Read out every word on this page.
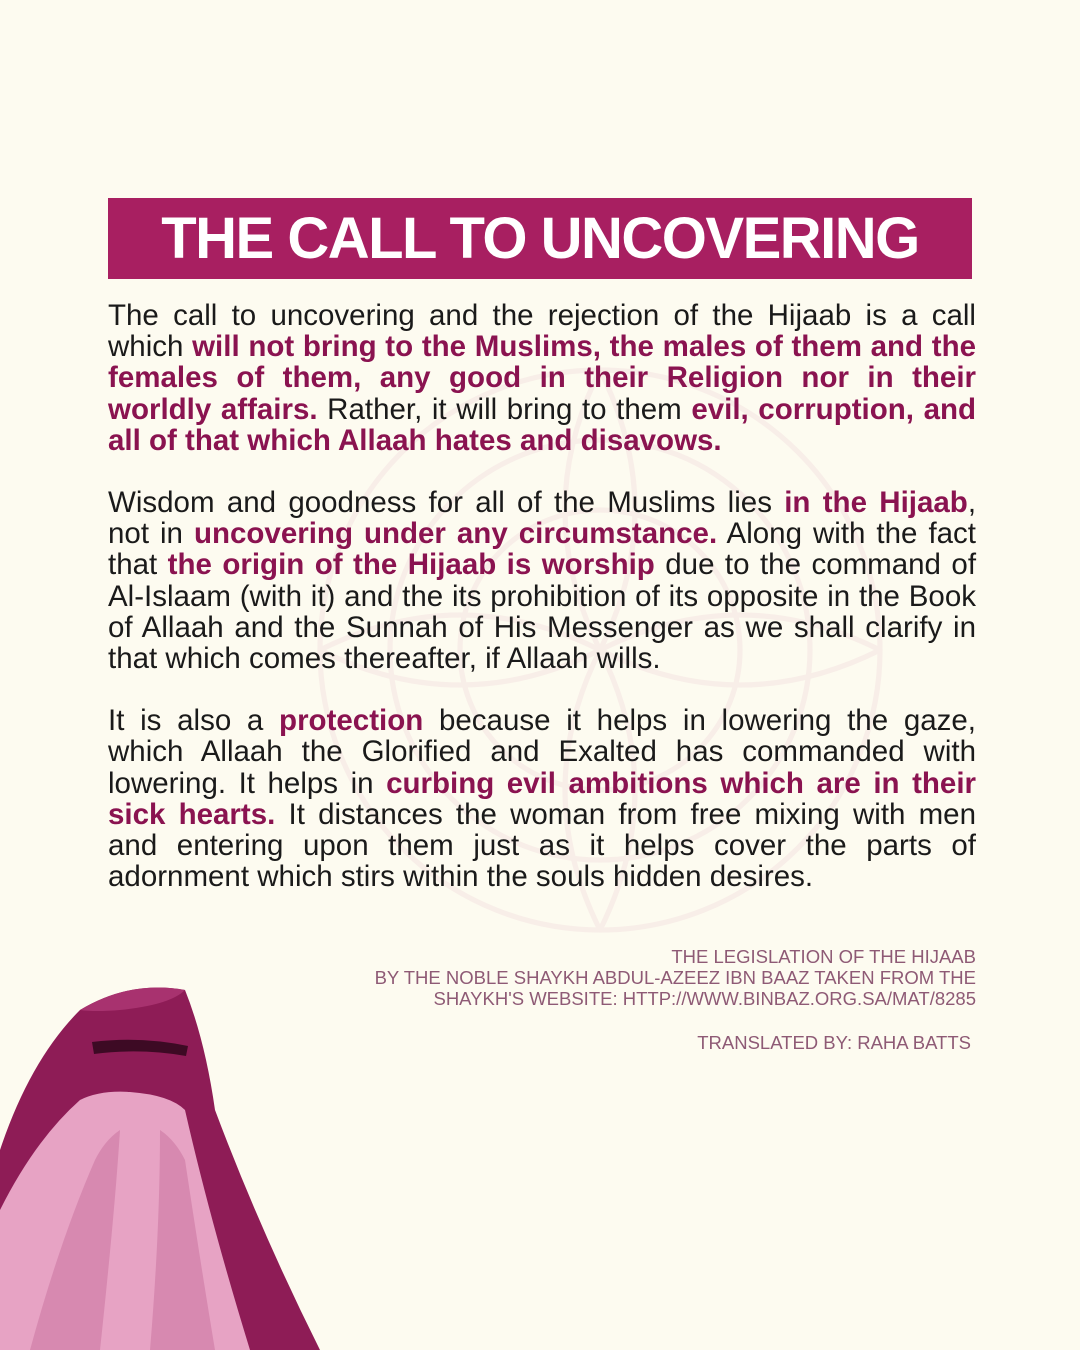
THE CALL TO UNCOVERING

The call to uncovering and the rejection of the Hijaab is a call which will not bring to the Muslims, the males of them and the females of them, any good in their Religion nor in their worldly affairs. Rather, it will bring to them evil, corruption, and all of that which Allaah hates and disavows.

Wisdom and goodness for all of the Muslims lies in the Hijaab, not in uncovering under any circumstance. Along with the fact that the origin of the Hijaab is worship due to the command of Al-Islaam (with it) and the its prohibition of its opposite in the Book of Allaah and the Sunnah of His Messenger as we shall clarify in that which comes thereafter, if Allaah wills.

It is also a protection because it helps in lowering the gaze, which Allaah the Glorified and Exalted has commanded with lowering. It helps in curbing evil ambitions which are in their sick hearts. It distances the woman from free mixing with men and entering upon them just as it helps cover the parts of adornment which stirs within the souls hidden desires.

THE LEGISLATION OF THE HIJAAB
BY THE NOBLE SHAYKH ABDUL-AZEEZ IBN BAAZ TAKEN FROM THE
SHAYKH'S WEBSITE: HTTP://WWW.BINBAZ.ORG.SA/MAT/8285
TRANSLATED BY: RAHA BATTS
